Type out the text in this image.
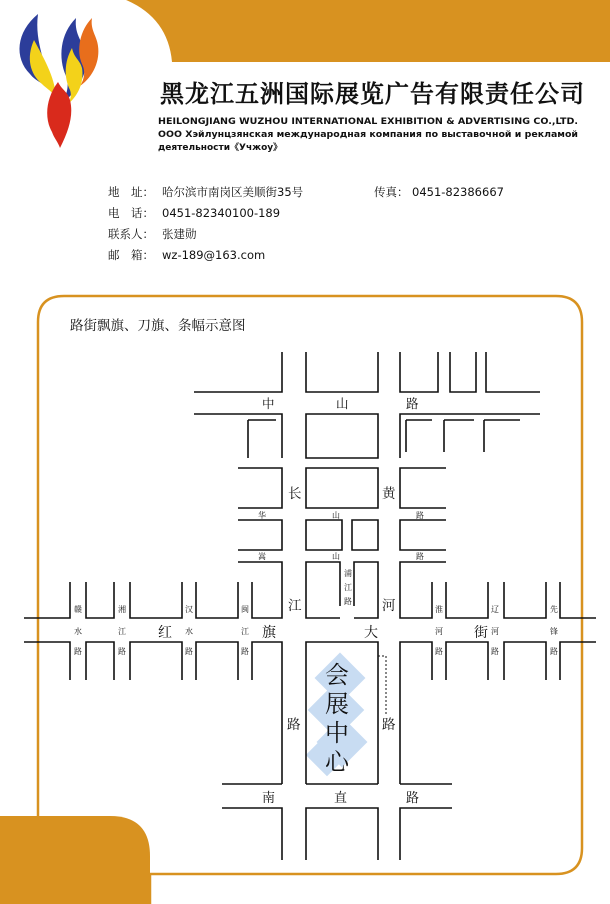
黑龙江五洲国际展览广告有限责任公司
HEILONGJIANG WUZHOU INTERNATIONAL EXHIBITION & ADVERTISING CO.,LTD.
ООО Хэйлунцзянская международная компания по выставочной и рекламой
деятельности《Учжоу》
地　址： 哈尔滨市南岗区美顺街35号	传真： 0451-82386667
电　话： 0451-82340100-189
联系人： 张建勋
邮　箱： wz-189@163.com
路街飘旗、刀旗、条幅示意图
中	山	路
长	黄
华	山	路
嵩	山	路
浦
江
路
江	河
赣	湘	汉	闽	淮	辽	先
水	江	水	江	河	河	锋
路	路	路	路	路	路	路
红	旗	大	街
路	路
南	直	路
会
展
中
心
